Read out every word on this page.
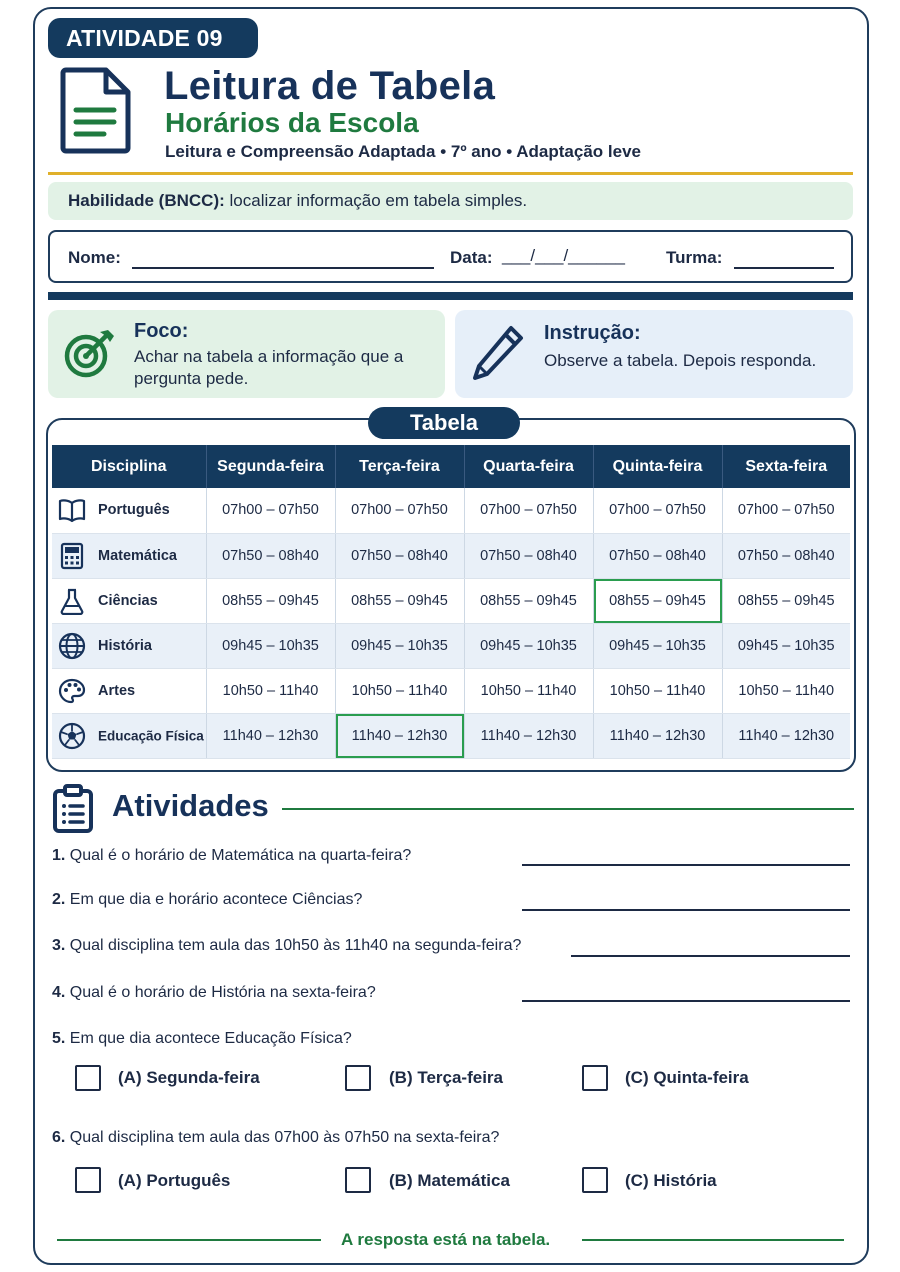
ATIVIDADE 09
Leitura de Tabela
Horários da Escola
Leitura e Compreensão Adaptada • 7º ano • Adaptação leve
Habilidade (BNCC): localizar informação em tabela simples.
Nome:	Data: ___/___/______ Turma:
Foco:
Achar na tabela a informação que a pergunta pede.
Instrução:
Observe a tabela. Depois responda.
Tabela
Disciplina	Segunda-feira	Terça-feira	Quarta-feira	Quinta-feira	Sexta-feira
Português	07h00 – 07h50	07h00 – 07h50	07h00 – 07h50	07h00 – 07h50	07h00 – 07h50
Matemática	07h50 – 08h40	07h50 – 08h40	07h50 – 08h40	07h50 – 08h40	07h50 – 08h40
Ciências	08h55 – 09h45	08h55 – 09h45	08h55 – 09h45	08h55 – 09h45	08h55 – 09h45
História	09h45 – 10h35	09h45 – 10h35	09h45 – 10h35	09h45 – 10h35	09h45 – 10h35
Artes	10h50 – 11h40	10h50 – 11h40	10h50 – 11h40	10h50 – 11h40	10h50 – 11h40
Educação Física	11h40 – 12h30	11h40 – 12h30	11h40 – 12h30	11h40 – 12h30	11h40 – 12h30
Atividades
1. Qual é o horário de Matemática na quarta-feira?
2. Em que dia e horário acontece Ciências?
3. Qual disciplina tem aula das 10h50 às 11h40 na segunda-feira?
4. Qual é o horário de História na sexta-feira?
5. Em que dia acontece Educação Física?
(A) Segunda-feira	(B) Terça-feira	(C) Quinta-feira
6. Qual disciplina tem aula das 07h00 às 07h50 na sexta-feira?
(A) Português	(B) Matemática	(C) História
A resposta está na tabela.
